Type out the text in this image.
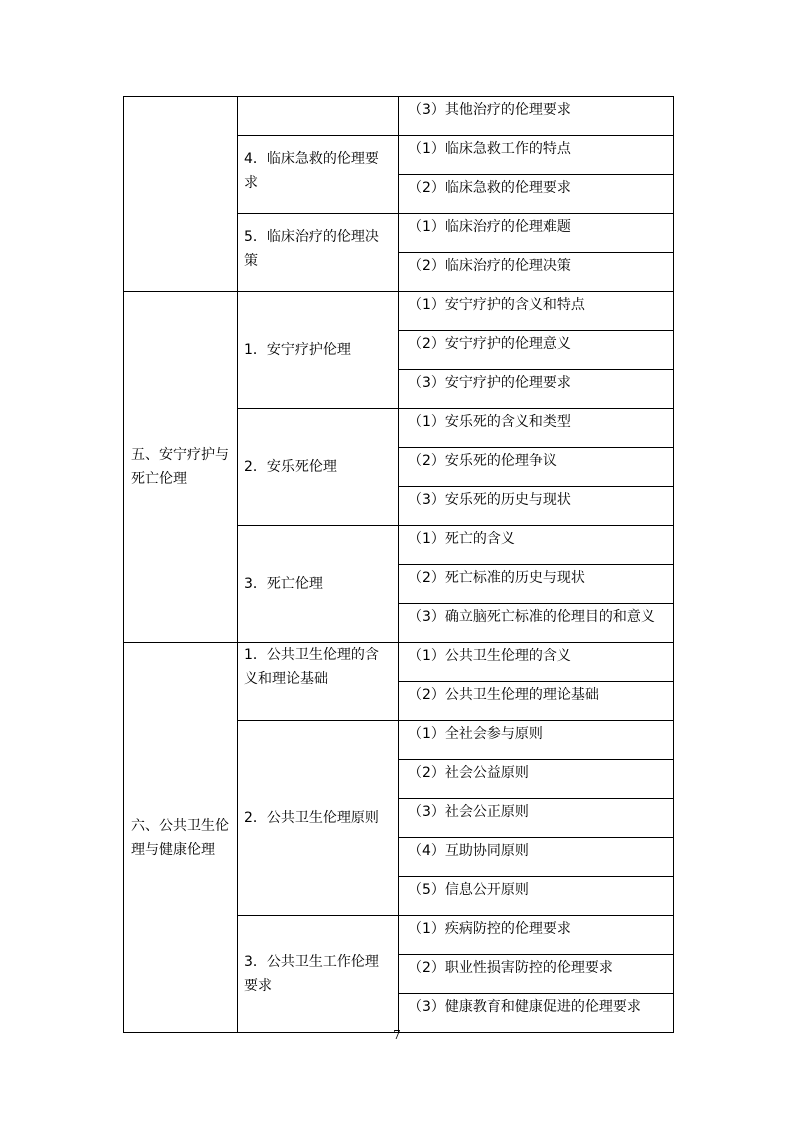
		（3）其他治疗的伦理要求
	4．临床急救的伦理要求	（1）临床急救工作的特点
		（2）临床急救的伦理要求
	5．临床治疗的伦理决策	（1）临床治疗的伦理难题
		（2）临床治疗的伦理决策
五、安宁疗护与死亡伦理	1．安宁疗护伦理	（1）安宁疗护的含义和特点
		（2）安宁疗护的伦理意义
		（3）安宁疗护的伦理要求
	2．安乐死伦理	（1）安乐死的含义和类型
		（2）安乐死的伦理争议
		（3）安乐死的历史与现状
	3．死亡伦理	（1）死亡的含义
		（2）死亡标准的历史与现状
		（3）确立脑死亡标准的伦理目的和意义
六、公共卫生伦理与健康伦理	1．公共卫生伦理的含义和理论基础	（1）公共卫生伦理的含义
		（2）公共卫生伦理的理论基础
	2．公共卫生伦理原则	（1）全社会参与原则
		（2）社会公益原则
		（3）社会公正原则
		（4）互助协同原则
		（5）信息公开原则
	3．公共卫生工作伦理要求	（1）疾病防控的伦理要求
		（2）职业性损害防控的伦理要求
		（3）健康教育和健康促进的伦理要求
7
